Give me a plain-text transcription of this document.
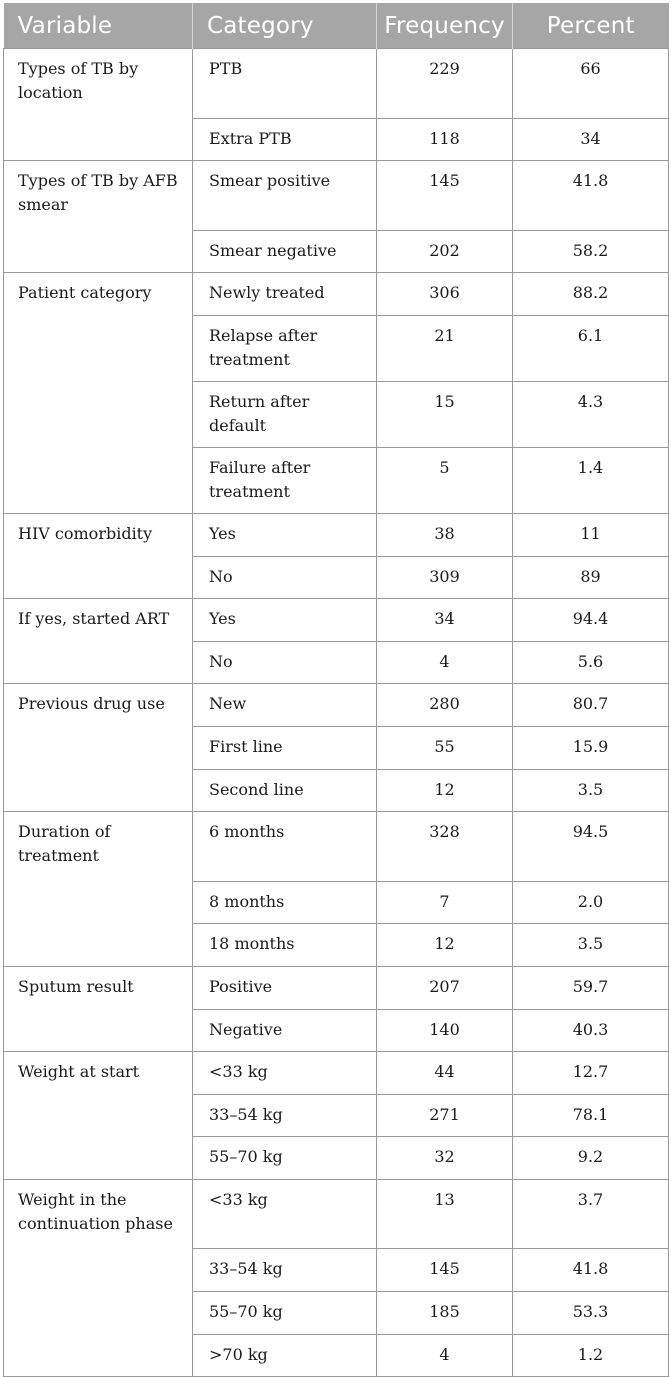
Variable	Category	Frequency	Percent
Types of TB by location	PTB	229	66
	Extra PTB	118	34
Types of TB by AFB smear	Smear positive	145	41.8
	Smear negative	202	58.2
Patient category	Newly treated	306	88.2
	Relapse after treatment	21	6.1
	Return after default	15	4.3
	Failure after treatment	5	1.4
HIV comorbidity	Yes	38	11
	No	309	89
If yes, started ART	Yes	34	94.4
	No	4	5.6
Previous drug use	New	280	80.7
	First line	55	15.9
	Second line	12	3.5
Duration of treatment	6 months	328	94.5
	8 months	7	2.0
	18 months	12	3.5
Sputum result	Positive	207	59.7
	Negative	140	40.3
Weight at start	<33 kg	44	12.7
	33–54 kg	271	78.1
	55–70 kg	32	9.2
Weight in the continuation phase	<33 kg	13	3.7
	33–54 kg	145	41.8
	55–70 kg	185	53.3
	>70 kg	4	1.2
